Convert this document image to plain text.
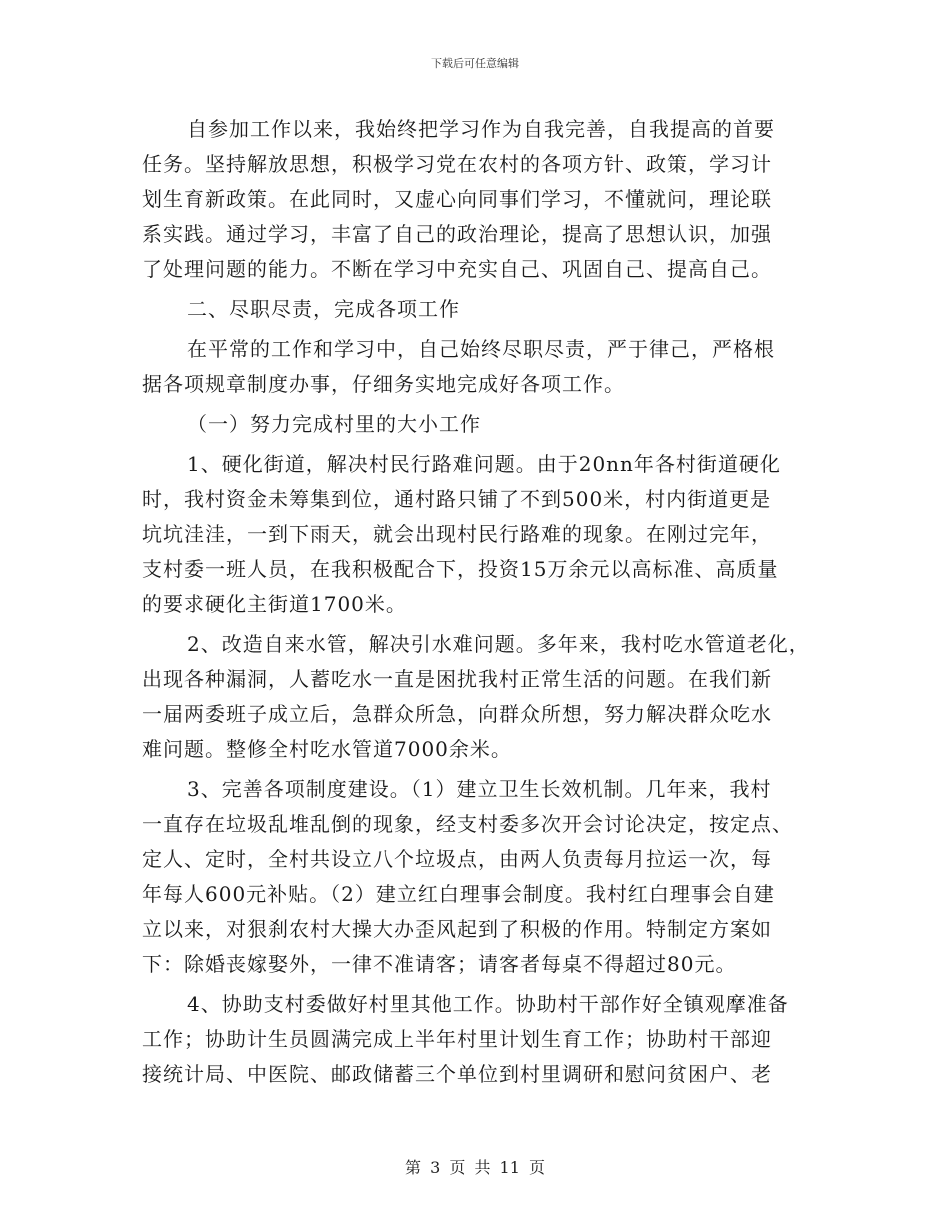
下载后可任意编辑
自参加工作以来，我始终把学习作为自我完善，自我提高的首要
任务。坚持解放思想，积极学习党在农村的各项方针、政策，学习计
划生育新政策。在此同时，又虚心向同事们学习，不懂就问，理论联
系实践。通过学习，丰富了自己的政治理论，提高了思想认识，加强
了处理问题的能力。不断在学习中充实自己、巩固自己、提高自己。
二、尽职尽责，完成各项工作
在平常的工作和学习中，自己始终尽职尽责，严于律己，严格根
据各项规章制度办事，仔细务实地完成好各项工作。
（一）努力完成村里的大小工作
1、硬化街道，解决村民行路难问题。由于20nn年各村街道硬化
时，我村资金未筹集到位，通村路只铺了不到500米，村内街道更是
坑坑洼洼，一到下雨天，就会出现村民行路难的现象。在刚过完年，
支村委一班人员，在我积极配合下，投资15万余元以高标准、高质量
的要求硬化主街道1700米。
2、改造自来水管，解决引水难问题。多年来，我村吃水管道老化，
出现各种漏洞，人蓄吃水一直是困扰我村正常生活的问题。在我们新
一届两委班子成立后，急群众所急，向群众所想，努力解决群众吃水
难问题。整修全村吃水管道7000余米。
3、完善各项制度建设。（1）建立卫生长效机制。几年来，我村
一直存在垃圾乱堆乱倒的现象，经支村委多次开会讨论决定，按定点、
定人、定时，全村共设立八个垃圾点，由两人负责每月拉运一次，每
年每人600元补贴。（2）建立红白理事会制度。我村红白理事会自建
立以来，对狠刹农村大操大办歪风起到了积极的作用。特制定方案如
下：除婚丧嫁娶外，一律不准请客；请客者每桌不得超过80元。
4、协助支村委做好村里其他工作。协助村干部作好全镇观摩准备
工作；协助计生员圆满完成上半年村里计划生育工作；协助村干部迎
接统计局、中医院、邮政储蓄三个单位到村里调研和慰问贫困户、老
第 3 页 共 11 页
